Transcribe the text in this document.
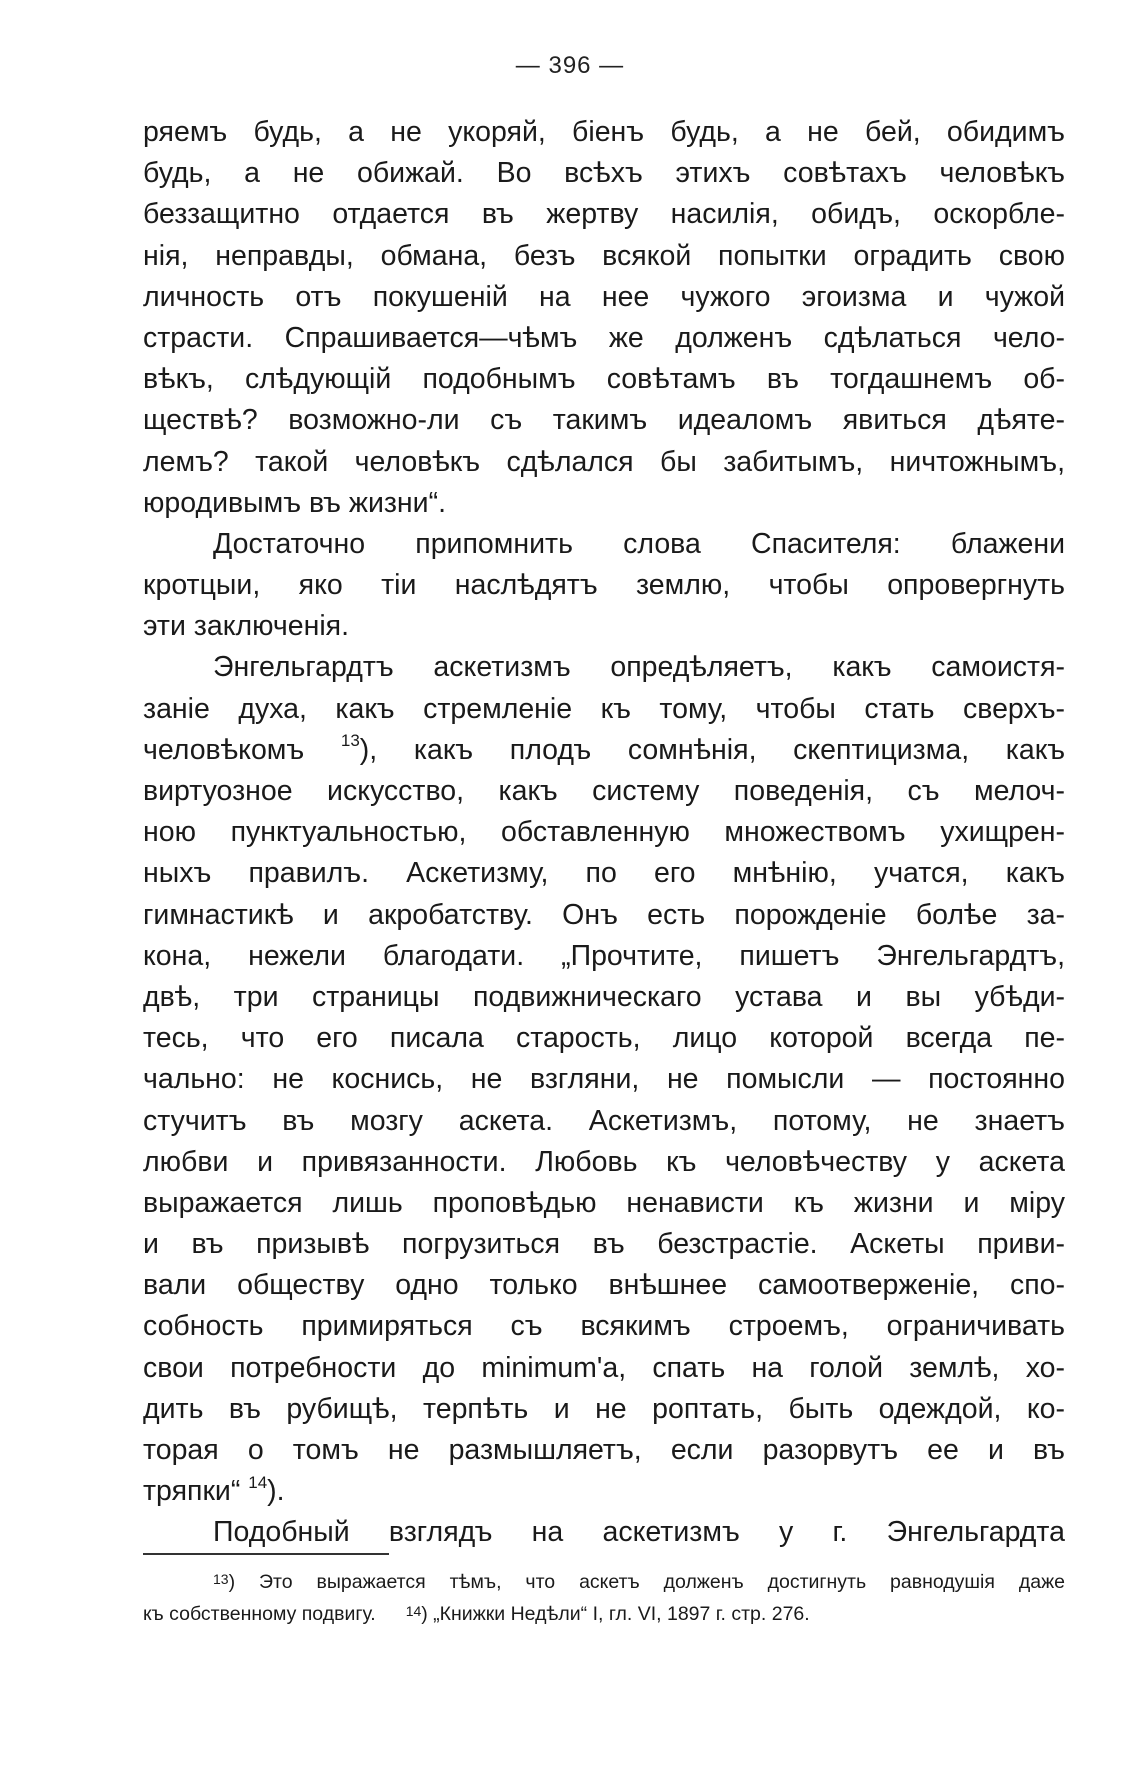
— 396 —
ряемъ будь, а не укоряй, біенъ будь, а не бей, обидимъ
будь, а не обижай. Во всѣхъ этихъ совѣтахъ человѣкъ
беззащитно отдается въ жертву насилія, обидъ, оскорбле-
нія, неправды, обмана, безъ всякой попытки оградить свою
личность отъ покушеній на нее чужого эгоизма и чужой
страсти. Спрашивается—чѣмъ же долженъ сдѣлаться чело-
вѣкъ, слѣдующій подобнымъ совѣтамъ въ тогдашнемъ об-
ществѣ? возможно-ли съ такимъ идеаломъ явиться дѣяте-
лемъ? такой человѣкъ сдѣлался бы забитымъ, ничтожнымъ,
юродивымъ въ жизни“.
Достаточно припомнить слова Спасителя: блажени
кротцыи, яко тіи наслѣдятъ землю, чтобы опровергнуть
эти заключенія.
Энгельгардтъ аскетизмъ опредѣляетъ, какъ самоистя-
заніе духа, какъ стремленіе къ тому, чтобы стать сверхъ-
человѣкомъ $^{13}$), какъ плодъ сомнѣнія, скептицизма, какъ
виртуозное искусство, какъ систему поведенія, съ мелоч-
ною пунктуальностью, обставленную множествомъ ухищрен-
ныхъ правилъ. Аскетизму, по его мнѣнію, учатся, какъ
гимнастикѣ и акробатству. Онъ есть порожденіе болѣе за-
кона, нежели благодати. „Прочтите, пишетъ Энгельгардтъ,
двѣ, три страницы подвижническаго устава и вы убѣди-
тесь, что его писала старость, лицо которой всегда пе-
чально: не коснись, не взгляни, не помысли — постоянно
стучитъ въ мозгу аскета. Аскетизмъ, потому, не знаетъ
любви и привязанности. Любовь къ человѣчеству у аскета
выражается лишь проповѣдью ненависти къ жизни и міру
и въ призывѣ погрузиться въ безстрастіе. Аскеты приви-
вали обществу одно только внѣшнее самоотверженіе, спо-
собность примиряться съ всякимъ строемъ, ограничивать
свои потребности до minimum'a, спать на голой землѣ, хо-
дить въ рубищѣ, терпѣть и не роптать, быть одеждой, ко-
торая о томъ не размышляетъ, если разорвутъ ее и въ
тряпки“ $^{14}$).
Подобный взглядъ на аскетизмъ у г. Энгельгардта
$^{13}$) Это выражается тѣмъ, что аскетъ долженъ достигнуть равнодушія даже
къ собственному подвигу. $^{14}$) „Книжки Недѣли“ І, гл. VI, 1897 г. стр. 276.
